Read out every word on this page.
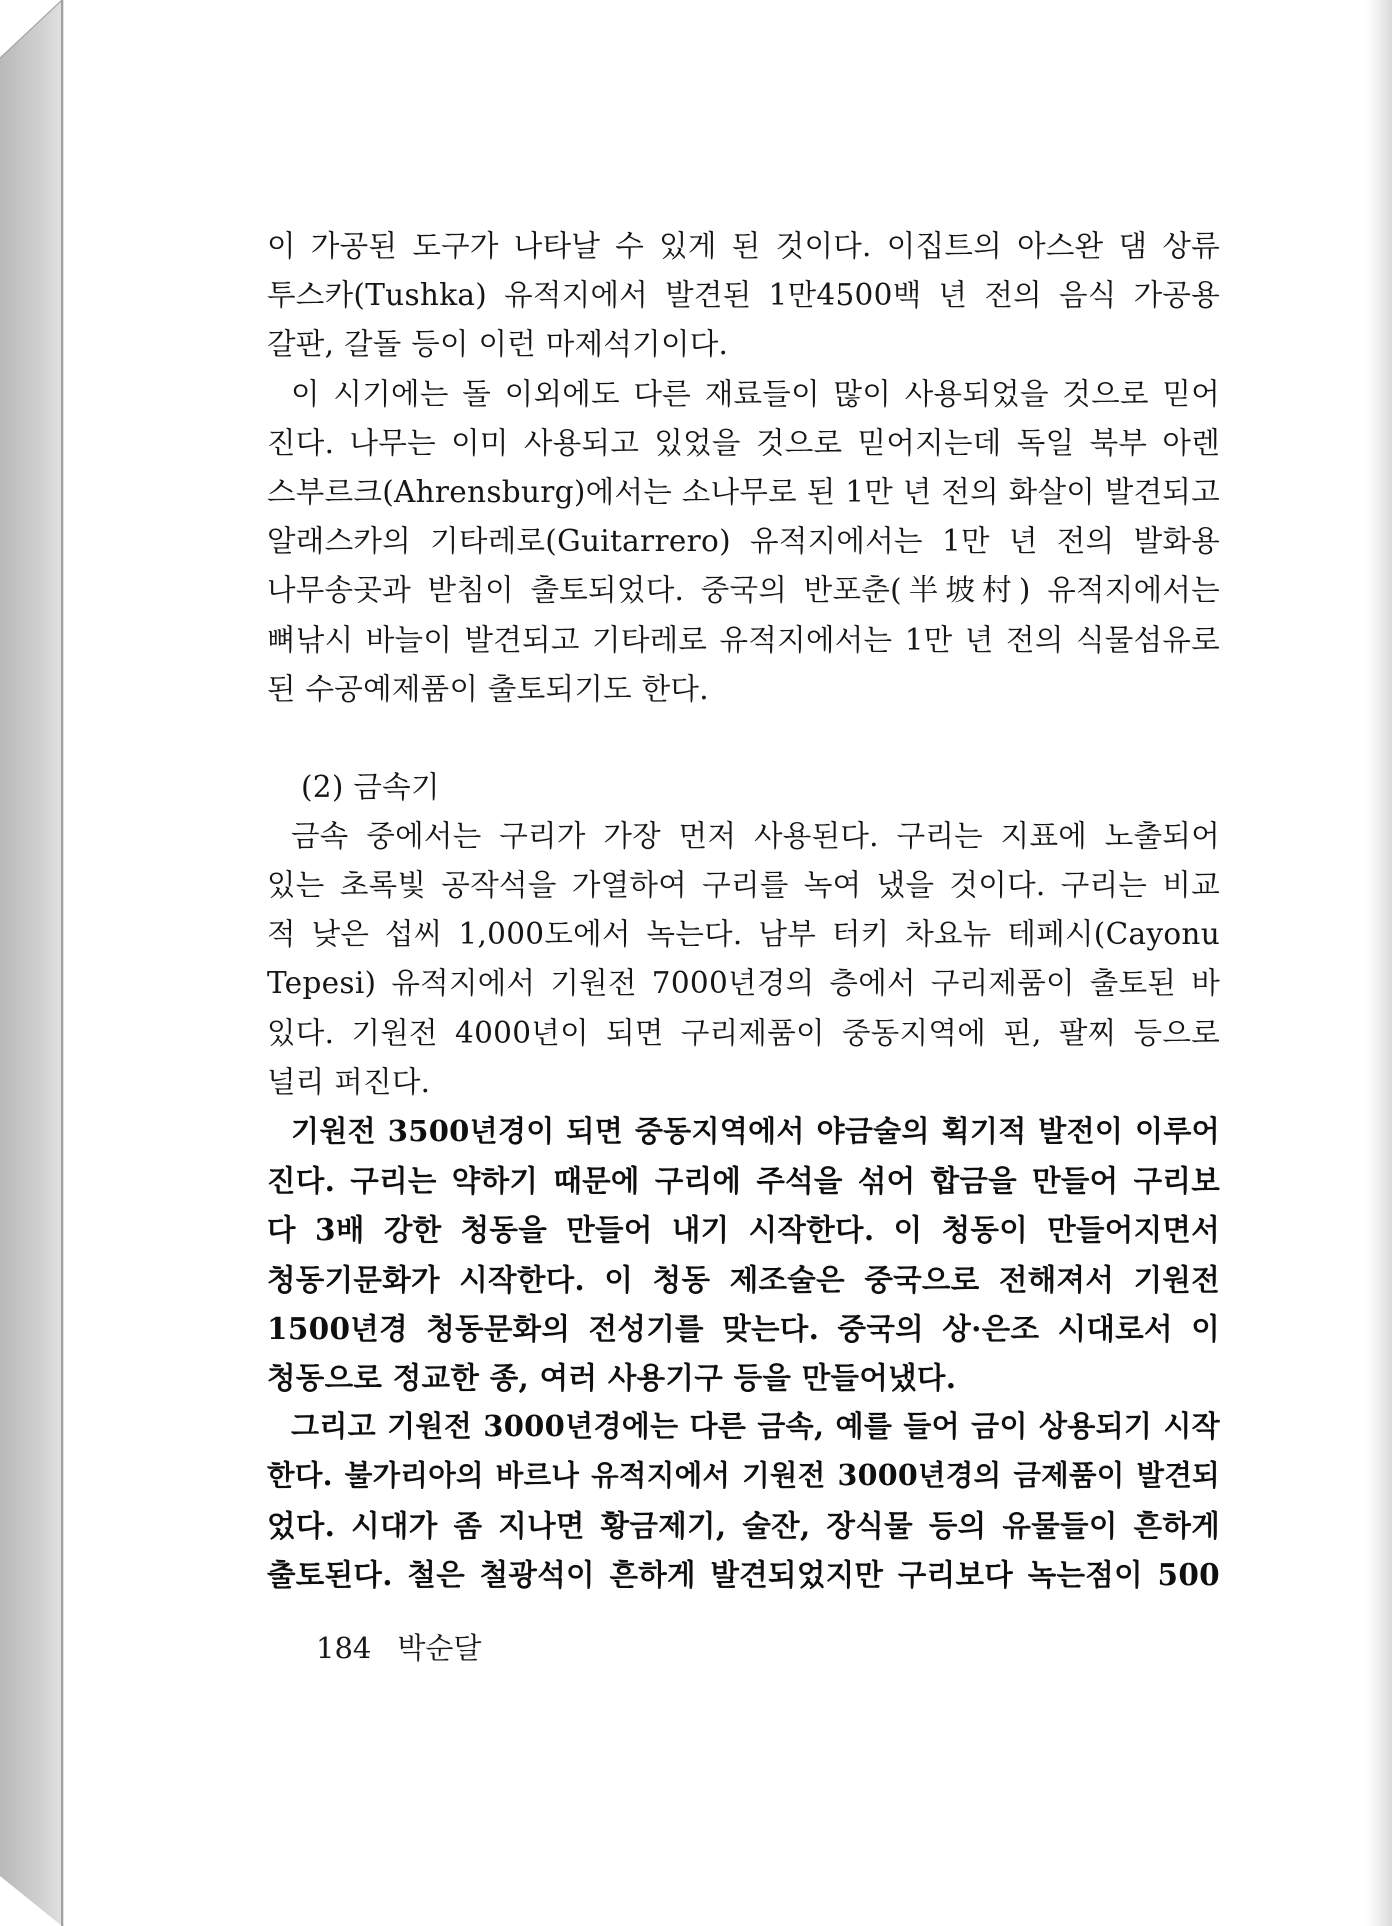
이 가공된 도구가 나타날 수 있게 된 것이다. 이집트의 아스완 댐 상류
투스카(Tushka) 유적지에서 발견된 1만4500백 년 전의 음식 가공용
갈판, 갈돌 등이 이런 마제석기이다.
이 시기에는 돌 이외에도 다른 재료들이 많이 사용되었을 것으로 믿어
진다. 나무는 이미 사용되고 있었을 것으로 믿어지는데 독일 북부 아렌
스부르크(Ahrensburg)에서는 소나무로 된 1만 년 전의 화살이 발견되고
알래스카의 기타레로(Guitarrero) 유적지에서는 1만 년 전의 발화용
나무송곳과 받침이 출토되었다. 중국의 반포춘(半坡村) 유적지에서는
뼈낚시 바늘이 발견되고 기타레로 유적지에서는 1만 년 전의 식물섬유로
된 수공예제품이 출토되기도 한다.
(2) 금속기
금속 중에서는 구리가 가장 먼저 사용된다. 구리는 지표에 노출되어
있는 초록빛 공작석을 가열하여 구리를 녹여 냈을 것이다. 구리는 비교
적 낮은 섭씨 1,000도에서 녹는다. 남부 터키 차요뉴 테페시(Cayonu
Tepesi) 유적지에서 기원전 7000년경의 층에서 구리제품이 출토된 바
있다. 기원전 4000년이 되면 구리제품이 중동지역에 핀, 팔찌 등으로
널리 퍼진다.
기원전 3500년경이 되면 중동지역에서 야금술의 획기적 발전이 이루어
진다. 구리는 약하기 때문에 구리에 주석을 섞어 합금을 만들어 구리보
다 3배 강한 청동을 만들어 내기 시작한다. 이 청동이 만들어지면서
청동기문화가 시작한다. 이 청동 제조술은 중국으로 전해져서 기원전
1500년경 청동문화의 전성기를 맞는다. 중국의 상·은조 시대로서 이
청동으로 정교한 종, 여러 사용기구 등을 만들어냈다.
그리고 기원전 3000년경에는 다른 금속, 예를 들어 금이 상용되기 시작
한다. 불가리아의 바르나 유적지에서 기원전 3000년경의 금제품이 발견되
었다. 시대가 좀 지나면 황금제기, 술잔, 장식물 등의 유물들이 흔하게
출토된다. 철은 철광석이 흔하게 발견되었지만 구리보다 녹는점이 500
184 박순달
